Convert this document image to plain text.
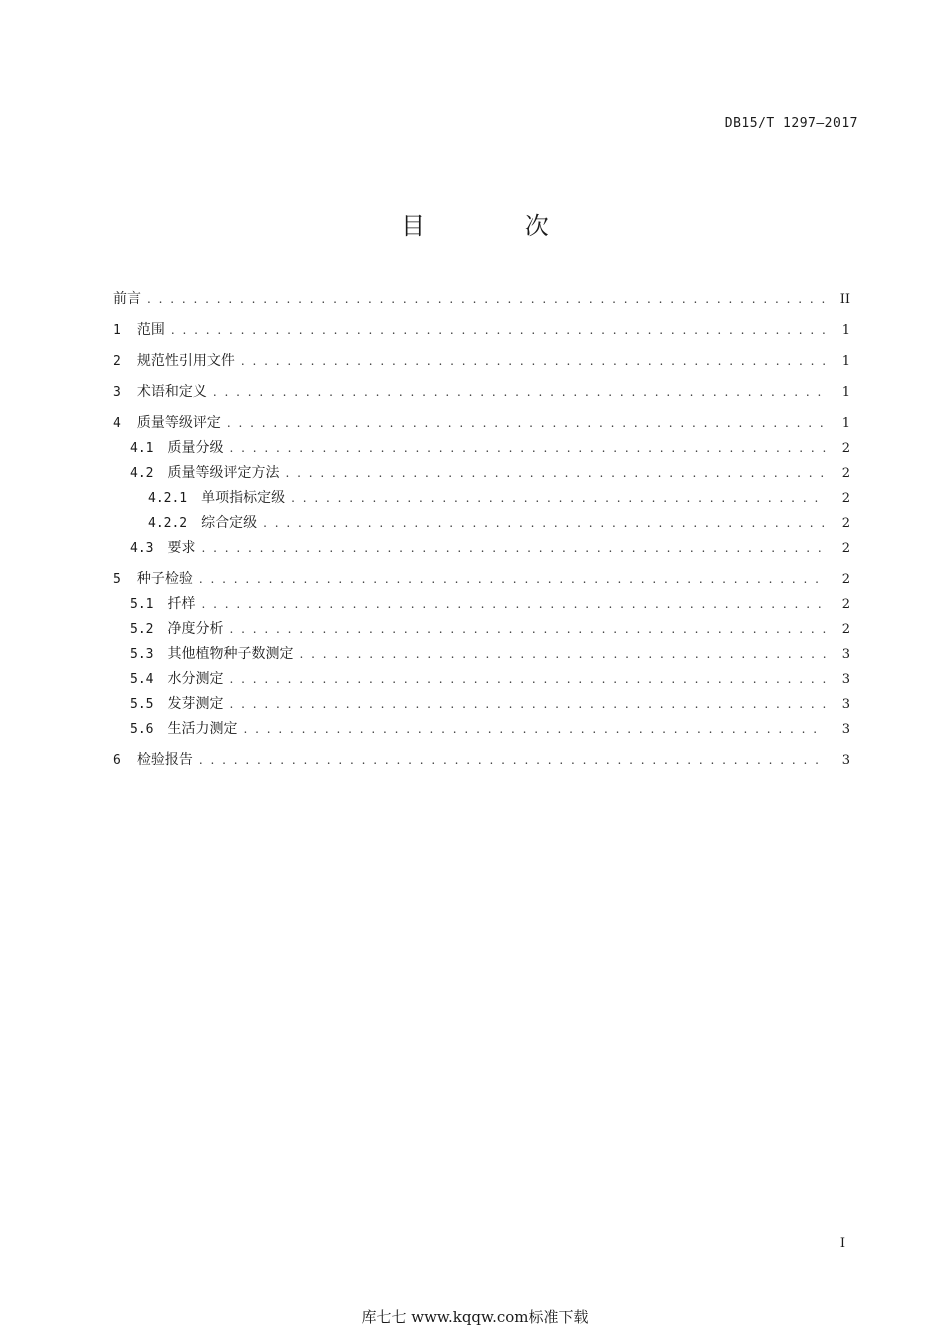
DB15/T 1297—2017
目 次
前言 . . .	II
1 范围 . . .	1
2 规范性引用文件 . . .	1
3 术语和定义 . . .	1
4 质量等级评定 . . .	1
4.1 质量分级 . . .	2
4.2 质量等级评定方法 . . .	2
4.2.1 单项指标定级 . . .	2
4.2.2 综合定级 . . .	2
4.3 要求 . . .	2
5 种子检验 . . .	2
5.1 扦样 . . .	2
5.2 净度分析 . . .	2
5.3 其他植物种子数测定 . . .	3
5.4 水分测定 . . .	3
5.5 发芽测定 . . .	3
5.6 生活力测定 . . .	3
6 检验报告 . . .	3
I
库七七 www.kqqw.com标准下载
